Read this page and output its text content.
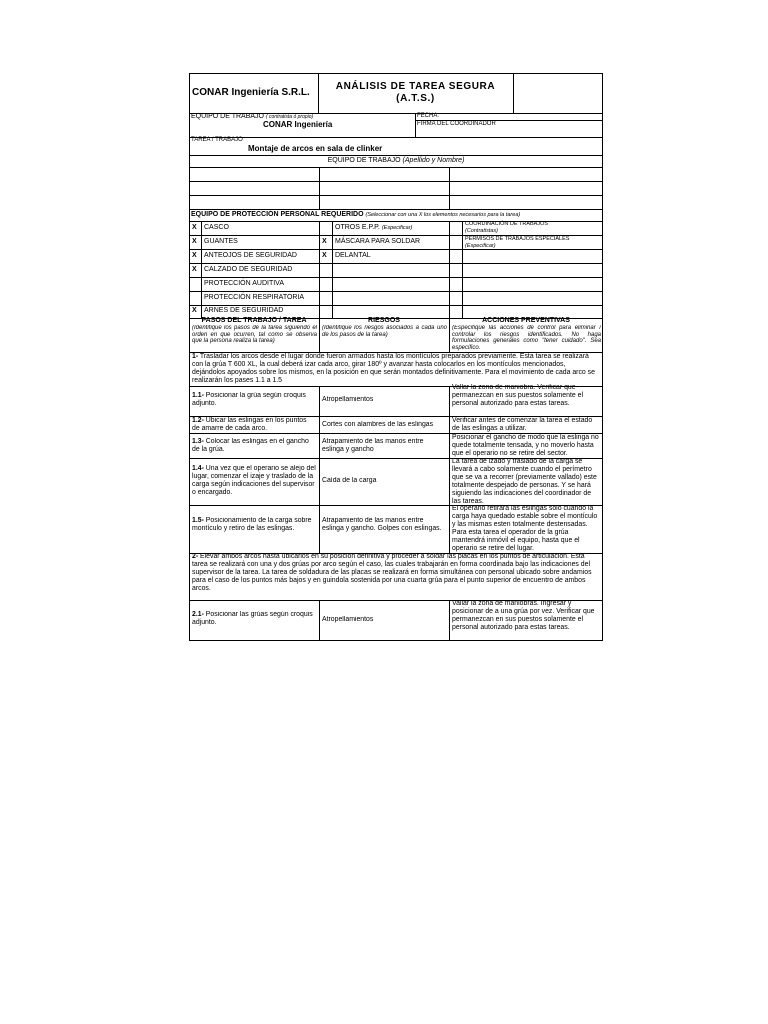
CONAR Ingeniería S.R.L.
ANÁLISIS DE TAREA SEGURA
(A.T.S.)
EQUIPO DE TRABAJO ( contratista ó propio)
CONAR Ingeniería
FECHA:
FIRMA DEL COORDINADOR
TAREA / TRABAJO
Montaje de arcos en sala de clinker
EQUIPO DE TRABAJO (Apellido y Nombre)
EQUIPO DE PROTECCIÓN PERSONAL REQUERIDO (Seleccionar con una X los elementos necesarios para la tarea)
X CASCO
X GUANTES
X ANTEOJOS DE SEGURIDAD
X CALZADO DE SEGURIDAD
PROTECCIÓN AUDITIVA
PROTECCIÓN RESPIRATORIA
X ARNES DE SEGURIDAD
OTROS E.P.P. (Especificar)
X MÁSCARA PARA SOLDAR
X DELANTAL
COORDINACIÓN DE TRABAJOS
(Contratistas)
PERMISOS DE TRABAJOS ESPECIALES
(Especificar)
PASOS DEL TRABAJO / TAREA
(Identifique los pasos de la tarea siguiendo el orden en que ocurren, tal como se observa que la persona realiza la tarea)
RIESGOS
(Identifique los riesgos asociados a cada uno de los pasos de la tarea)
ACCIONES PREVENTIVAS
(Especifique las acciones de control para eliminar / controlar los riesgos identificados. No haga formulaciones generales como "tener cuidado". Sea especifico.
1- Trasladar los arcos desde el lugar donde fueron armados hasta los montículos preparados previamente. Esta tarea se realizará con la grúa T 600 XL, la cual deberá izar cada arco, girar 180º y avanzar hasta colocarlos en los montículos mencionados, dejándolos apoyados sobre los mismos, en la posición en que serán montados definitivamente. Para el movimiento de cada arco se realizarán los pases 1.1 a 1.5
1.1- Posicionar la grúa según croquis adjunto.
Atropellamientos
Vallar la zona de maniobra. Verificar que permanezcan en sus puestos solamente el personal autorizado para estas tareas.
1.2- Ubicar las eslingas en los puntos de amarre de cada arco.
Cortes con alambres de las eslingas
Verificar antes de comenzar la tarea el estado de las eslingas a utilizar.
1.3- Colocar las eslingas en el gancho de la grúa.
Atrapamiento de las manos entre eslinga y gancho
Posicionar el gancho de modo que la eslinga no quede totalmente tensada, y no moverlo hasta que el operario no se retire del sector.
1.4- Una vez que el operario se alejo del lugar, comenzar el izaje y traslado de la carga según indicaciones del supervisor o encargado.
Caída de la carga
La tarea de izado y traslado de la carga se llevará a cabo solamente cuando el perímetro que se va a recorrer (previamente vallado) este totalmente despejado de personas. Y se hará siguiendo las indicaciones del coordinador de las tareas.
1.5- Posicionamiento de la carga sobre montículo y retiro de las eslingas.
Atrapamiento de las manos entre eslinga y gancho. Golpes con eslingas.
El operario retirará las eslingas sólo cuando la carga haya quedado estable sobre el montículo y las mismas esten totalmente destensadas. Para esta tarea el operador de la grúa mantendrá inmóvil el equipo, hasta que el operario se retire del lugar.
2- Elevar ambos arcos hasta ubicarlos en su posición definitiva y proceder a soldar las placas en los puntos de articulación. Esta tarea se realizará con una y dos grúas por arco según el caso, las cuales trabajarán en forma coordinada bajo las indicaciones del supervisor de la tarea. La tarea de soldadura de las placas se realizará en forma simultánea con personal ubicado sobre andamios para el caso de los puntos más bajos y en guindola sostenida por una cuarta grúa para el punto superior de encuentro de ambos arcos.
2.1- Posicionar las grúas según croquis adjunto.	Atropellamientos
Vallar la zona de maniobras. Ingresar y posicionar de a una grúa por vez. Verificar que permanezcan en sus puestos solamente el personal autorizado para estas tareas.
